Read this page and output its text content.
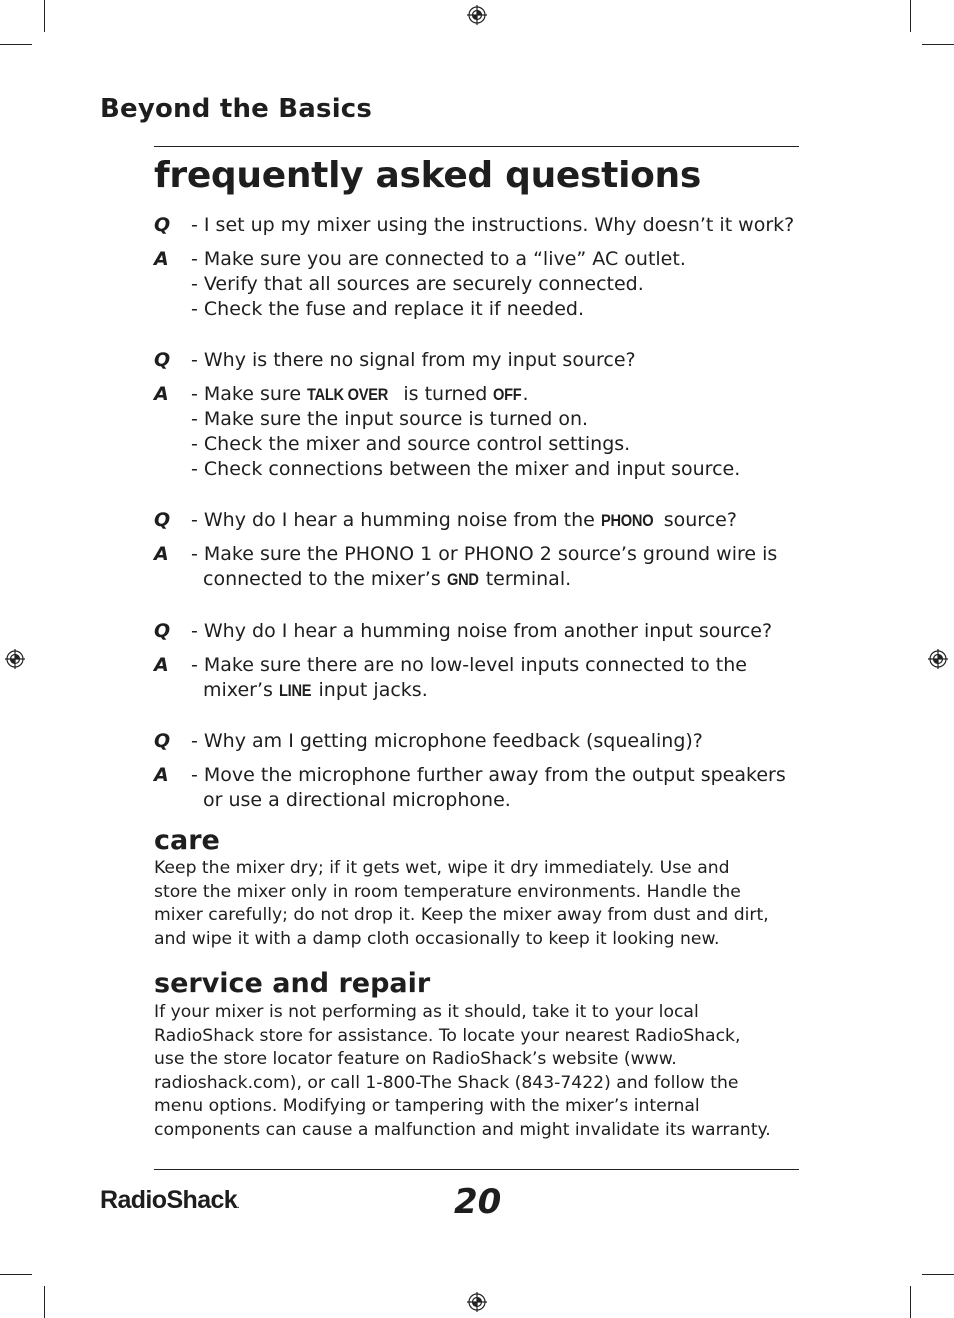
Beyond the Basics
frequently asked questions
Q	- I set up my mixer using the instructions. Why doesn’t it work?
A	- Make sure you are connected to a “live” AC outlet.
- Verify that all sources are securely connected.
- Check the fuse and replace it if needed.
Q	- Why is there no signal from my input source?
A	- Make sure TALK OVER is turned OFF.
- Make sure the input source is turned on.
- Check the mixer and source control settings.
- Check connections between the mixer and input source.
Q	- Why do I hear a humming noise from the PHONO source?
A	- Make sure the PHONO 1 or PHONO 2 source’s ground wire is
connected to the mixer’s GND terminal.
Q	- Why do I hear a humming noise from another input source?
A	- Make sure there are no low-level inputs connected to the
mixer’s LINE input jacks.
Q	- Why am I getting microphone feedback (squealing)?
A	- Move the microphone further away from the output speakers
or use a directional microphone.
care
Keep the mixer dry; if it gets wet, wipe it dry immediately. Use and
store the mixer only in room temperature environments. Handle the
mixer carefully; do not drop it. Keep the mixer away from dust and dirt,
and wipe it with a damp cloth occasionally to keep it looking new.
service and repair
If your mixer is not performing as it should, take it to your local
RadioShack store for assistance. To locate your nearest RadioShack,
use the store locator feature on RadioShack’s website (www.
radioshack.com), or call 1-800-The Shack (843-7422) and follow the
menu options. Modifying or tampering with the mixer’s internal
components can cause a malfunction and might invalidate its warranty.
RadioShack.	20
